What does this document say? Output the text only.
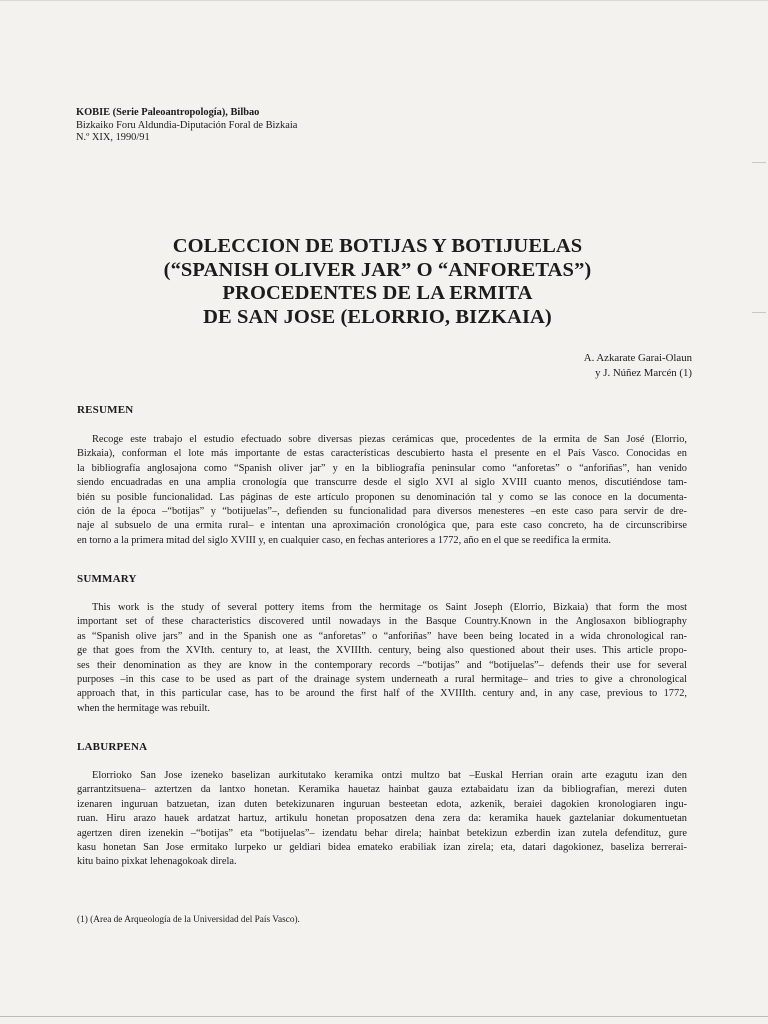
KOBIE (Serie Paleoantropología), Bilbao
Bizkaiko Foru Aldundia-Diputación Foral de Bizkaia
N.º XIX, 1990/91
COLECCION DE BOTIJAS Y BOTIJUELAS
(“SPANISH OLIVER JAR” O “ANFORETAS”)
PROCEDENTES DE LA ERMITA
DE SAN JOSE (ELORRIO, BIZKAIA)
A. Azkarate Garai-Olaun
y J. Núñez Marcén (1)
RESUMEN
Recoge este trabajo el estudio efectuado sobre diversas piezas cerámicas que, procedentes de la ermita de San José (Elorrio,
Bizkaia), conforman el lote más importante de estas características descubierto hasta el presente en el País Vasco. Conocidas en
la bibliografía anglosajona como “Spanish oliver jar” y en la bibliografía peninsular como “anforetas” o “anforiñas”, han venido
siendo encuadradas en una amplia cronología que transcurre desde el siglo XVI al siglo XVIII cuanto menos, discutiéndose tam-
bién su posible funcionalidad. Las páginas de este artículo proponen su denominación tal y como se las conoce en la documenta-
ción de la época –“botijas” y “botijuelas”–, defienden su funcionalidad para diversos menesteres –en este caso para servir de dre-
naje al subsuelo de una ermita rural– e intentan una aproximación cronológica que, para este caso concreto, ha de circunscribirse
en torno a la primera mitad del siglo XVIII y, en cualquier caso, en fechas anteriores a 1772, año en el que se reedifica la ermita.
SUMMARY
This work is the study of several pottery items from the hermitage os Saint Joseph (Elorrio, Bizkaia) that form the most
important set of these characteristics discovered until nowadays in the Basque Country.Known in the Anglosaxon bibliography
as “Spanish olive jars” and in the Spanish one as “anforetas” o “anforiñas” have been being located in a wida chronological ran-
ge that goes from the XVIth. century to, at least, the XVIIIth. century, being also questioned about their uses. This article propo-
ses their denomination as they are know in the contemporary records –“botijas” and “botijuelas”– defends their use for several
purposes –in this case to be used as part of the drainage system underneath a rural hermitage– and tries to give a chronological
approach that, in this particular case, has to be around the first half of the XVIIIth. century and, in any case, previous to 1772,
when the hermitage was rebuilt.
LABURPENA
Elorrioko San Jose izeneko baselizan aurkitutako keramika ontzi multzo bat –Euskal Herrian orain arte ezagutu izan den
garrantzitsuena– aztertzen da lantxo honetan. Keramika hauetaz hainbat gauza eztabaidatu izan da bibliografian, merezi duten
izenaren inguruan batzuetan, izan duten betekizunaren inguruan besteetan edota, azkenik, beraiei dagokien kronologiaren ingu-
ruan. Hiru arazo hauek ardatzat hartuz, artikulu honetan proposatzen dena zera da: keramika hauek gaztelaniar dokumentuetan
agertzen diren izenekin –“botijas” eta “botijuelas”– izendatu behar direla; hainbat betekizun ezberdin izan zutela defendituz, gure
kasu honetan San Jose ermitako lurpeko ur geldiari bidea emateko erabiliak izan zirela; eta, datari dagokionez, baseliza berrerai-
kitu baino pixkat lehenagokoak direla.
(1) (Area de Arqueología de la Universidad del País Vasco).
